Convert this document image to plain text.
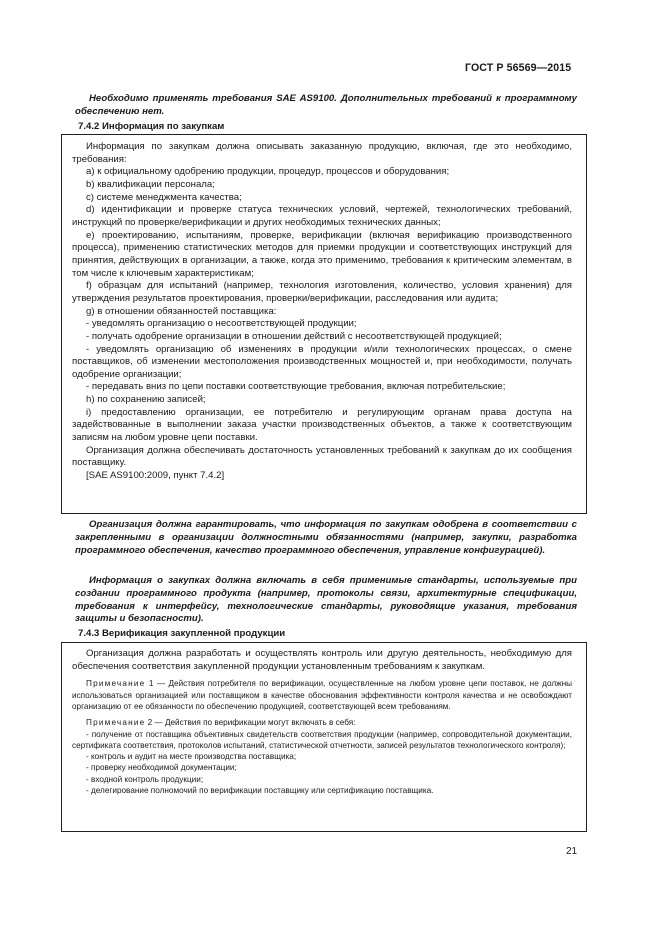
ГОСТ Р 56569—2015
Необходимо применять требования SAE AS9100. Дополнительных требований к программному обеспечению нет.
7.4.2 Информация по закупкам

Информация по закупкам должна описывать заказанную продукцию, включая, где это необходимо, требования:

а) к официальному одобрению продукции, процедур, процессов и оборудования;

b) квалификации персонала;

c) системе менеджмента качества;

d) идентификации и проверке статуса технических условий, чертежей, технологических требований, инструкций по проверке/верификации и других необходимых технических данных;

e) проектированию, испытаниям, проверке, верификации (включая верификацию производственного процесса), применению статистических методов для приемки продукции и соответствующих инструкций для принятия, действующих в организации, а также, когда это применимо, требования к критическим элементам, в том числе к ключевым характеристикам;

f) образцам для испытаний (например, технология изготовления, количество, условия хранения) для утверждения результатов проектирования, проверки/верификации, расследования или аудита;

g) в отношении обязанностей поставщика:

- уведомлять организацию о несоответствующей продукции;

- получать одобрение организации в отношении действий с несоответствующей продукцией;

- уведомлять организацию об изменениях в продукции и/или технологических процессах, о смене поставщиков, об изменении местоположения производственных мощностей и, при необходимости, получать одобрение организации;

- передавать вниз по цепи поставки соответствующие требования, включая потребительские;

h) по сохранению записей;

i) предоставлению организации, ее потребителю и регулирующим органам права доступа на задействованные в выполнении заказа участки производственных объектов, а также к соответствующим записям на любом уровне цепи поставки.

Организация должна обеспечивать достаточность установленных требований к закупкам до их сообщения поставщику.

[SAE AS9100:2009, пункт 7.4.2]

Организация должна гарантировать, что информация по закупкам одобрена в соответствии с закрепленными в организации должностными обязанностями (например, закупки, разработка программного обеспечения, качество программного обеспечения, управление конфигурацией).
Информация о закупках должна включать в себя применимые стандарты, используемые при создании программного продукта (например, протоколы связи, архитектурные спецификации, требования к интерфейсу, технологические стандарты, руководящие указания, требования защиты и безопасности).
7.4.3 Верификация закупленной продукции

Организация должна разработать и осуществлять контроль или другую деятельность, необходимую для обеспечения соответствия закупленной продукции установленным требованиям к закупкам.

Примечание 1 — Действия потребителя по верификации, осуществленные на любом уровне цепи поставок, не должны использоваться организацией или поставщиком в качестве обоснования эффективности контроля качества и не освобождают организацию от ее обязанности по обеспечению продукцией, соответствующей всем требованиям.

Примечание 2 — Действия по верификации могут включать в себя:

- получение от поставщика объективных свидетельств соответствия продукции (например, сопроводительной документации, сертификата соответствия, протоколов испытаний, статистической отчетности, записей результатов технологического контроля);

- контроль и аудит на месте производства поставщика;

- проверку необходимой документации;

- входной контроль продукции;

- делегирование полномочий по верификации поставщику или сертификацию поставщика.

21
